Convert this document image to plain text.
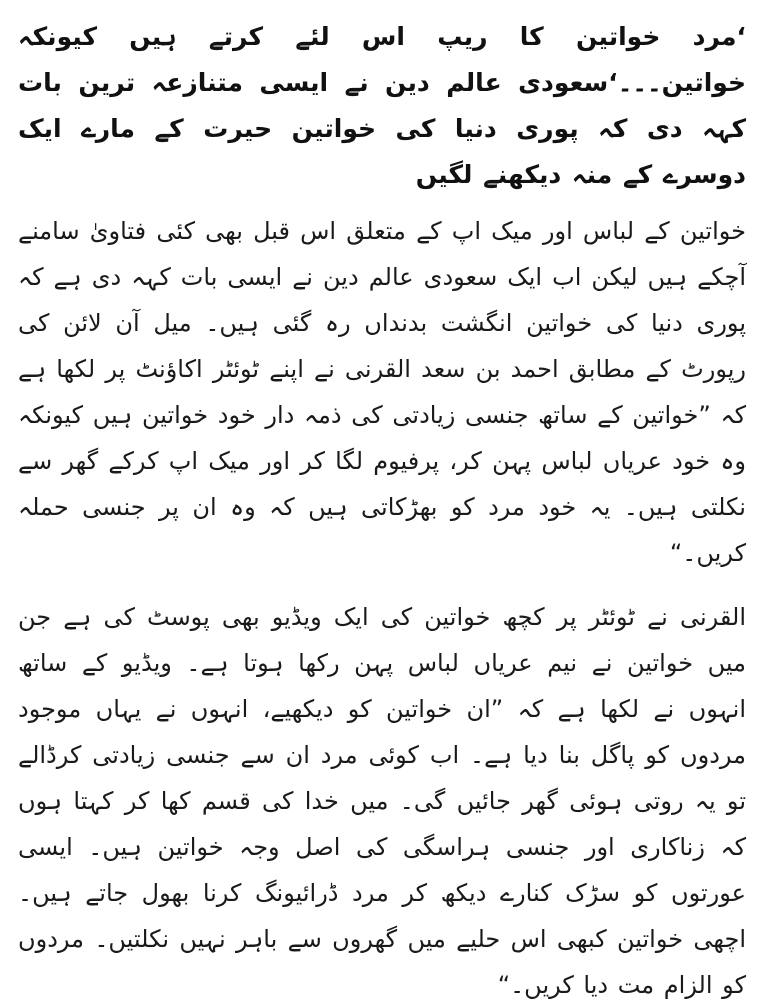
‘مرد خواتین کا ریپ اس لئے کرتے ہیں کیونکہ خواتین۔۔۔‘سعودی عالم دین نے ایسی متنازعہ ترین بات کہہ دی کہ پوری دنیا کی خواتین حیرت کے مارے ایک دوسرے کے منہ دیکھنے لگیں

خواتین کے لباس اور میک اپ کے متعلق اس قبل بھی کئی فتاویٰ سامنے آچکے ہیں لیکن اب ایک سعودی عالم دین نے ایسی بات کہہ دی ہے کہ پوری دنیا کی خواتین انگشت بدنداں رہ گئی ہیں۔ میل آن لائن کی رپورٹ کے مطابق احمد بن سعد القرنی نے اپنے ٹوئٹر اکاؤنٹ پر لکھا ہے کہ ”خواتین کے ساتھ جنسی زیادتی کی ذمہ دار خود خواتین ہیں کیونکہ وہ خود عریاں لباس پہن کر، پرفیوم لگا کر اور میک اپ کرکے گھر سے نکلتی ہیں۔ یہ خود مرد کو بھڑکاتی ہیں کہ وہ ان پر جنسی حملہ کریں۔“

القرنی نے ٹوئٹر پر کچھ خواتین کی ایک ویڈیو بھی پوسٹ کی ہے جن میں خواتین نے نیم عریاں لباس پہن رکھا ہوتا ہے۔ ویڈیو کے ساتھ انہوں نے لکھا ہے کہ ”ان خواتین کو دیکھیے، انہوں نے یہاں موجود مردوں کو پاگل بنا دیا ہے۔ اب کوئی مرد ان سے جنسی زیادتی کرڈالے تو یہ روتی ہوئی گھر جائیں گی۔ میں خدا کی قسم کھا کر کہتا ہوں کہ زناکاری اور جنسی ہراسگی کی اصل وجہ خواتین ہیں۔ ایسی عورتوں کو سڑک کنارے دیکھ کر مرد ڈرائیونگ کرنا بھول جاتے ہیں۔ اچھی خواتین کبھی اس حلیے میں گھروں سے باہر نہیں نکلتیں۔ مردوں کو الزام مت دیا کریں۔“
